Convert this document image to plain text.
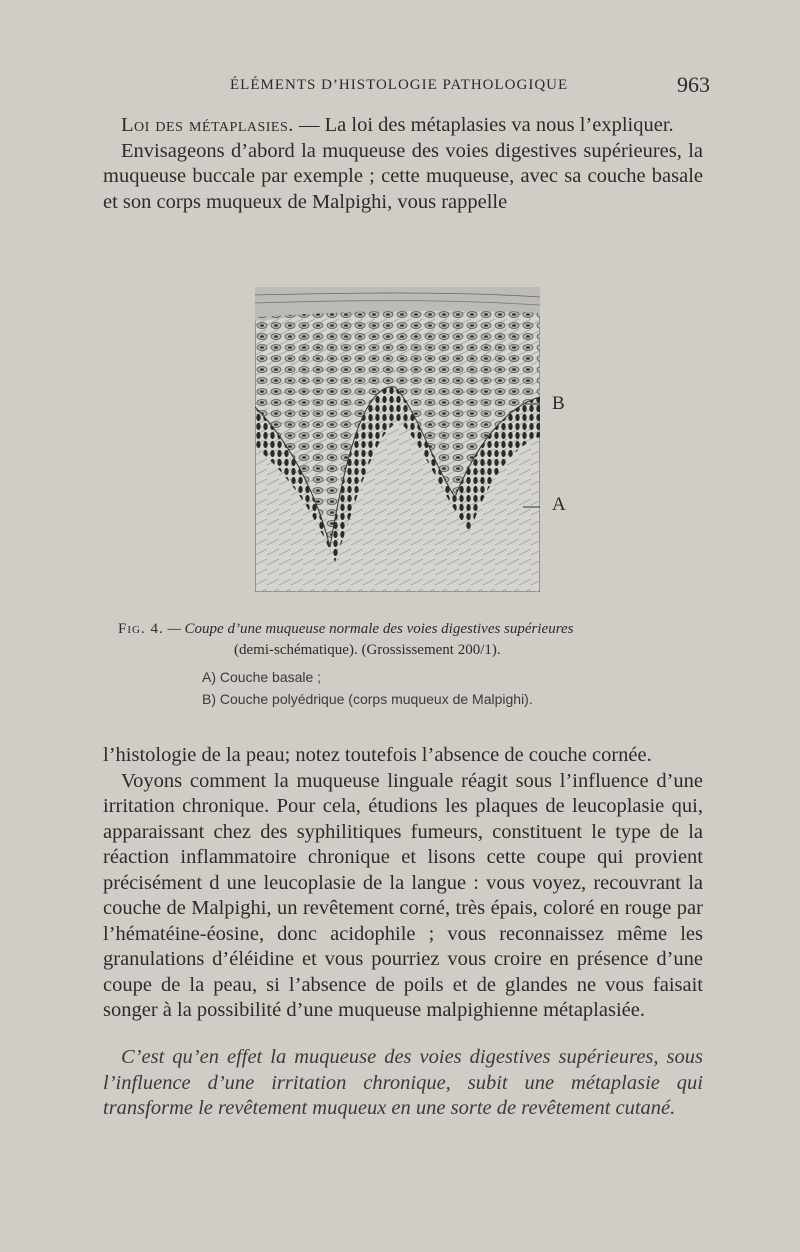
ÉLÉMENTS D’HISTOLOGIE PATHOLOGIQUE	963
Loi des métaplasies. — La loi des métaplasies va nous l’expliquer.
Envisageons d’abord la muqueuse des voies digestives supérieures, la muqueuse buccale par exemple ; cette muqueuse, avec sa couche basale et son corps muqueux de Malpighi, vous rappelle
B
A
Fig. 4. — Coupe d’une muqueuse normale des voies digestives supérieures
(demi-schématique). (Grossissement 200/1).
A) Couche basale ;
B) Couche polyédrique (corps muqueux de Malpighi).
l’histologie de la peau; notez toutefois l’absence de couche cornée.
Voyons comment la muqueuse linguale réagit sous l’influence d’une irritation chronique. Pour cela, étudions les plaques de leucoplasie qui, apparaissant chez des syphilitiques fumeurs, constituent le type de la réaction inflammatoire chronique et lisons cette coupe qui provient précisément d une leucoplasie de la langue : vous voyez, recouvrant la couche de Malpighi, un revêtement corné, très épais, coloré en rouge par l’hématéine-éosine, donc acidophile ; vous reconnaissez même les granulations d’éléidine et vous pourriez vous croire en présence d’une coupe de la peau, si l’absence de poils et de glandes ne vous faisait songer à la possibilité d’une muqueuse malpighienne métaplasiée.
C’est qu’en effet la muqueuse des voies digestives supérieures, sous l’influence d’une irritation chronique, subit une métaplasie qui transforme le revêtement muqueux en une sorte de revêtement cutané.
